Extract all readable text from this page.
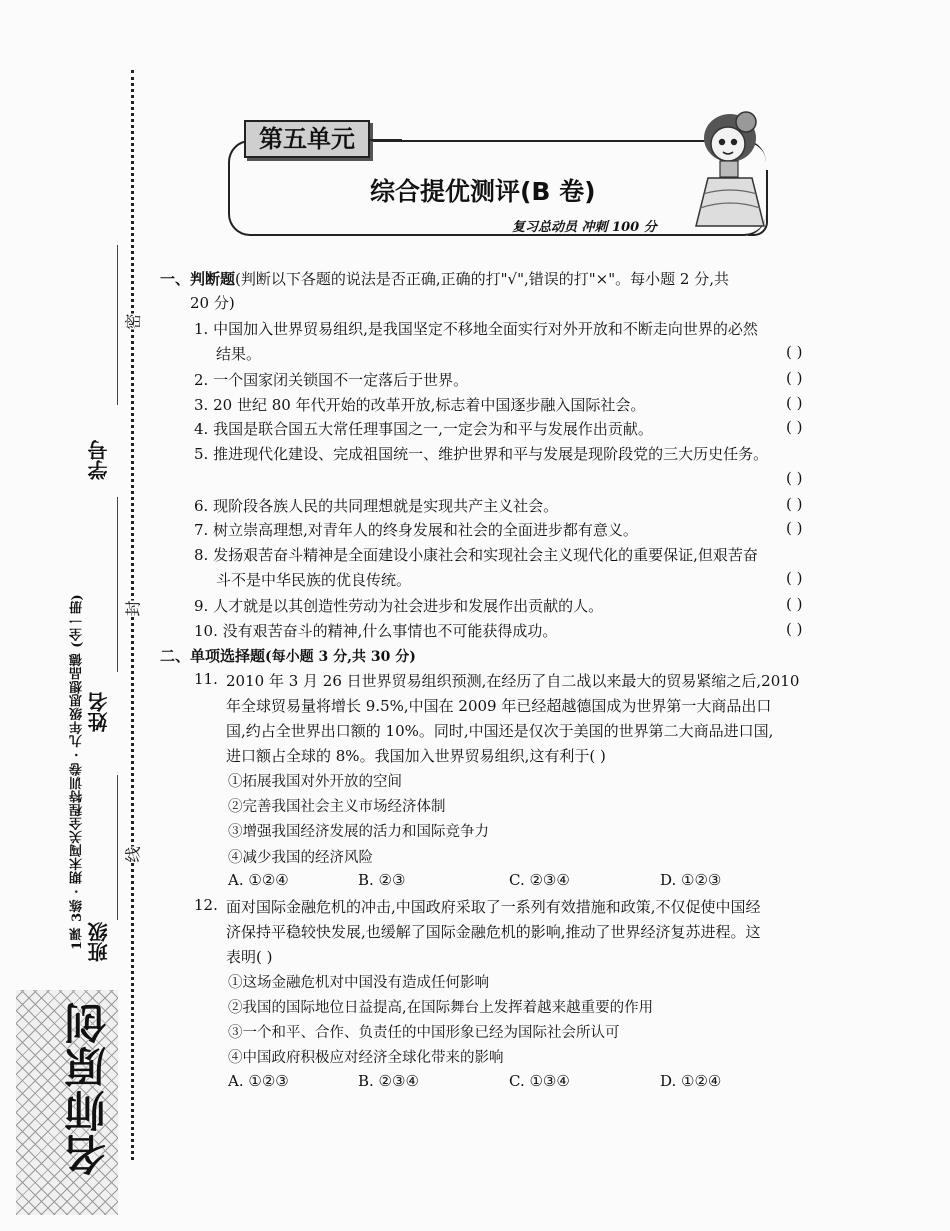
密
封
线
学号
姓名
班级
1课 3练 · 期末闯关全程特训卷 · 九年级思想品德 (全一册)
名师原创
第五单元
综合提优测评(B 卷)
复习总动员 冲刺 100 分
一、判断题(判断以下各题的说法是否正确,正确的打"√",错误的打"×"。每小题 2 分,共
20 分)
1. 中国加入世界贸易组织,是我国坚定不移地全面实行对外开放和不断走向世界的必然
结果。	( )
2. 一个国家闭关锁国不一定落后于世界。	( )
3. 20 世纪 80 年代开始的改革开放,标志着中国逐步融入国际社会。	( )
4. 我国是联合国五大常任理事国之一,一定会为和平与发展作出贡献。	( )
5. 推进现代化建设、完成祖国统一、维护世界和平与发展是现阶段党的三大历史任务。
( )
6. 现阶段各族人民的共同理想就是实现共产主义社会。	( )
7. 树立崇高理想,对青年人的终身发展和社会的全面进步都有意义。	( )
8. 发扬艰苦奋斗精神是全面建设小康社会和实现社会主义现代化的重要保证,但艰苦奋
斗不是中华民族的优良传统。	( )
9. 人才就是以其创造性劳动为社会进步和发展作出贡献的人。	( )
10. 没有艰苦奋斗的精神,什么事情也不可能获得成功。	( )
二、单项选择题(每小题 3 分,共 30 分)
11. 2010 年 3 月 26 日世界贸易组织预测,在经历了自二战以来最大的贸易紧缩之后,2010
年全球贸易量将增长 9.5%,中国在 2009 年已经超越德国成为世界第一大商品出口
国,约占全世界出口额的 10%。同时,中国还是仅次于美国的世界第二大商品进口国,
进口额占全球的 8%。我国加入世界贸易组织,这有利于( )
①拓展我国对外开放的空间
②完善我国社会主义市场经济体制
③增强我国经济发展的活力和国际竞争力
④减少我国的经济风险
A. ①②④	B. ②③	C. ②③④	D. ①②③
12. 面对国际金融危机的冲击,中国政府采取了一系列有效措施和政策,不仅促使中国经
济保持平稳较快发展,也缓解了国际金融危机的影响,推动了世界经济复苏进程。这
表明( )
①这场金融危机对中国没有造成任何影响
②我国的国际地位日益提高,在国际舞台上发挥着越来越重要的作用
③一个和平、合作、负责任的中国形象已经为国际社会所认可
④中国政府积极应对经济全球化带来的影响
A. ①②③	B. ②③④	C. ①③④	D. ①②④
